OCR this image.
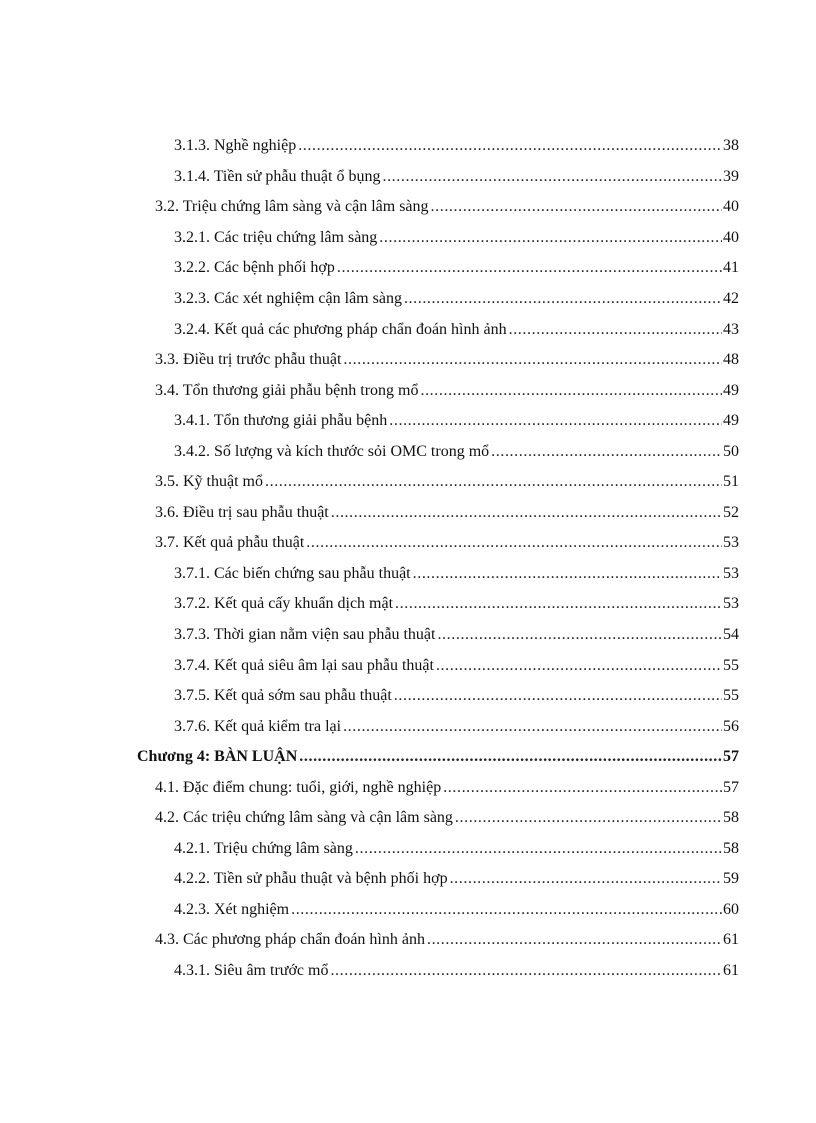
3.1.3. Nghề nghiệp .....	38
3.1.4. Tiền sử phẫu thuật ổ bụng .....	39
3.2. Triệu chứng lâm sàng và cận lâm sàng .....	40
3.2.1. Các triệu chứng lâm sàng .....	40
3.2.2. Các bệnh phối hợp .....	41
3.2.3. Các xét nghiệm cận lâm sàng .....	42
3.2.4. Kết quả các phương pháp chẩn đoán hình ảnh .....	43
3.3. Điều trị trước phẫu thuật .....	48
3.4. Tổn thương giải phẫu bệnh trong mổ .....	49
3.4.1. Tổn thương giải phẫu bệnh .....	49
3.4.2. Số lượng và kích thước sỏi OMC trong mổ .....	50
3.5. Kỹ thuật mổ .....	51
3.6. Điều trị sau phẫu thuật .....	52
3.7. Kết quả phẫu thuật .....	53
3.7.1. Các biến chứng sau phẫu thuật .....	53
3.7.2. Kết quả cấy khuẩn dịch mật .....	53
3.7.3. Thời gian nằm viện sau phẫu thuật .....	54
3.7.4. Kết quả siêu âm lại sau phẫu thuật .....	55
3.7.5. Kết quả sớm sau phẫu thuật .....	55
3.7.6. Kết quả kiểm tra lại .....	56
Chương 4: BÀN LUẬN .....	57
4.1. Đặc điểm chung: tuổi, giới, nghề nghiệp .....	57
4.2. Các triệu chứng lâm sàng và cận lâm sàng .....	58
4.2.1. Triệu chứng lâm sàng .....	58
4.2.2. Tiền sử phẫu thuật và bệnh phối hợp .....	59
4.2.3. Xét nghiệm .....	60
4.3. Các phương pháp chẩn đoán hình ảnh .....	61
4.3.1. Siêu âm trước mổ .....	61
